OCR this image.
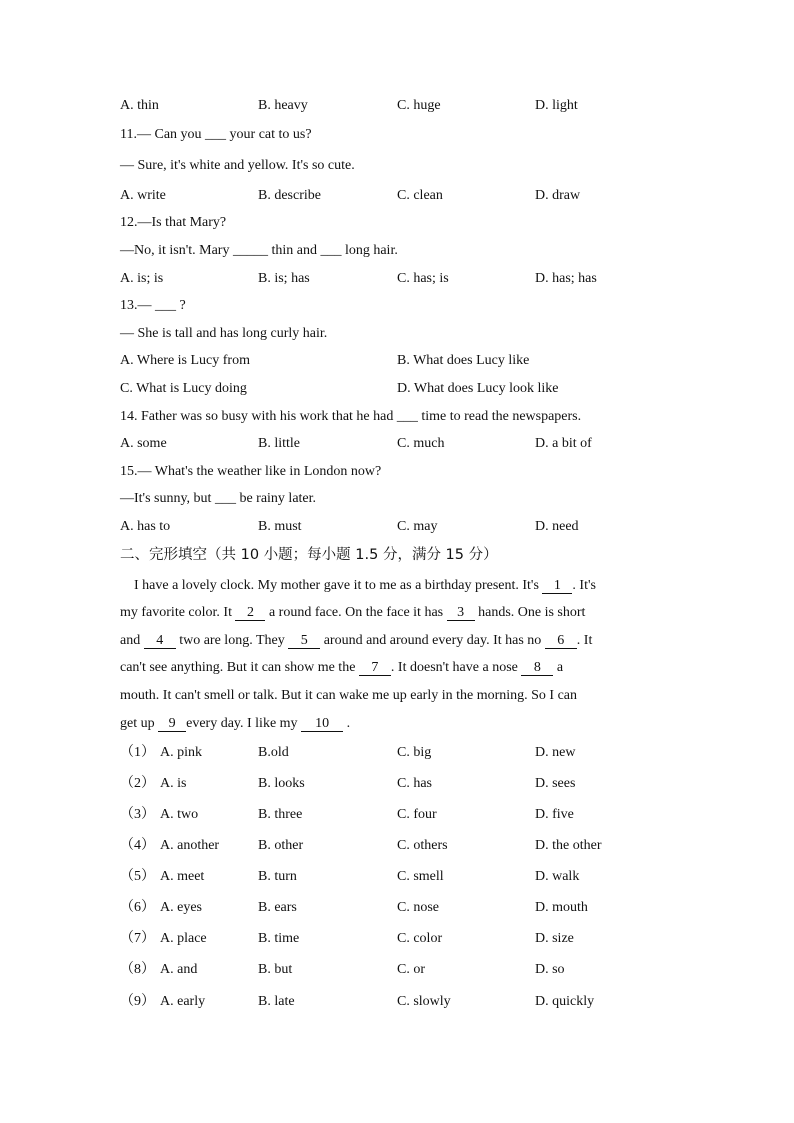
A. thin	B. heavy	C. huge	D. light
11.— Can you ___ your cat to us?
— Sure, it's white and yellow. It's so cute.
A. write	B. describe	C. clean	D. draw
12.—Is that Mary?
—No, it isn't. Mary _____ thin and ___ long hair.
A. is; is	B. is; has	C. has; is	D. has; has
13.— ___ ?
— She is tall and has long curly hair.
A. Where is Lucy from	B. What does Lucy like
C. What is Lucy doing	D. What does Lucy look like
14. Father was so busy with his work that he had ___ time to read the newspapers.
A. some	B. little	C. much	D. a bit of
15.— What's the weather like in London now?
—It's sunny, but ___ be rainy later.
A. has to	B. must	C. may	D. need
二、完形填空（共 10 小题；每小题 1.5 分，满分 15 分）
I have a lovely clock. My mother gave it to me as a birthday present. It's 1 . It's
my favorite color. It 2 a round face. On the face it has 3 hands. One is short
and 4 two are long. They 5 around and around every day. It has no 6 . It
can't see anything. But it can show me the 7 . It doesn't have a nose 8 a
mouth. It can't smell or talk. But it can wake me up early in the morning. So I can
get up 9 every day. I like my 10 .
（1） A. pink	B.old	C. big	D. new
（2） A. is	B. looks	C. has	D. sees
（3） A. two	B. three	C. four	D. five
（4） A. another	B. other	C. others	D. the other
（5） A. meet	B. turn	C. smell	D. walk
（6） A. eyes	B. ears	C. nose	D. mouth
（7） A. place	B. time	C. color	D. size
（8） A. and	B. but	C. or	D. so
（9） A. early	B. late	C. slowly	D. quickly
